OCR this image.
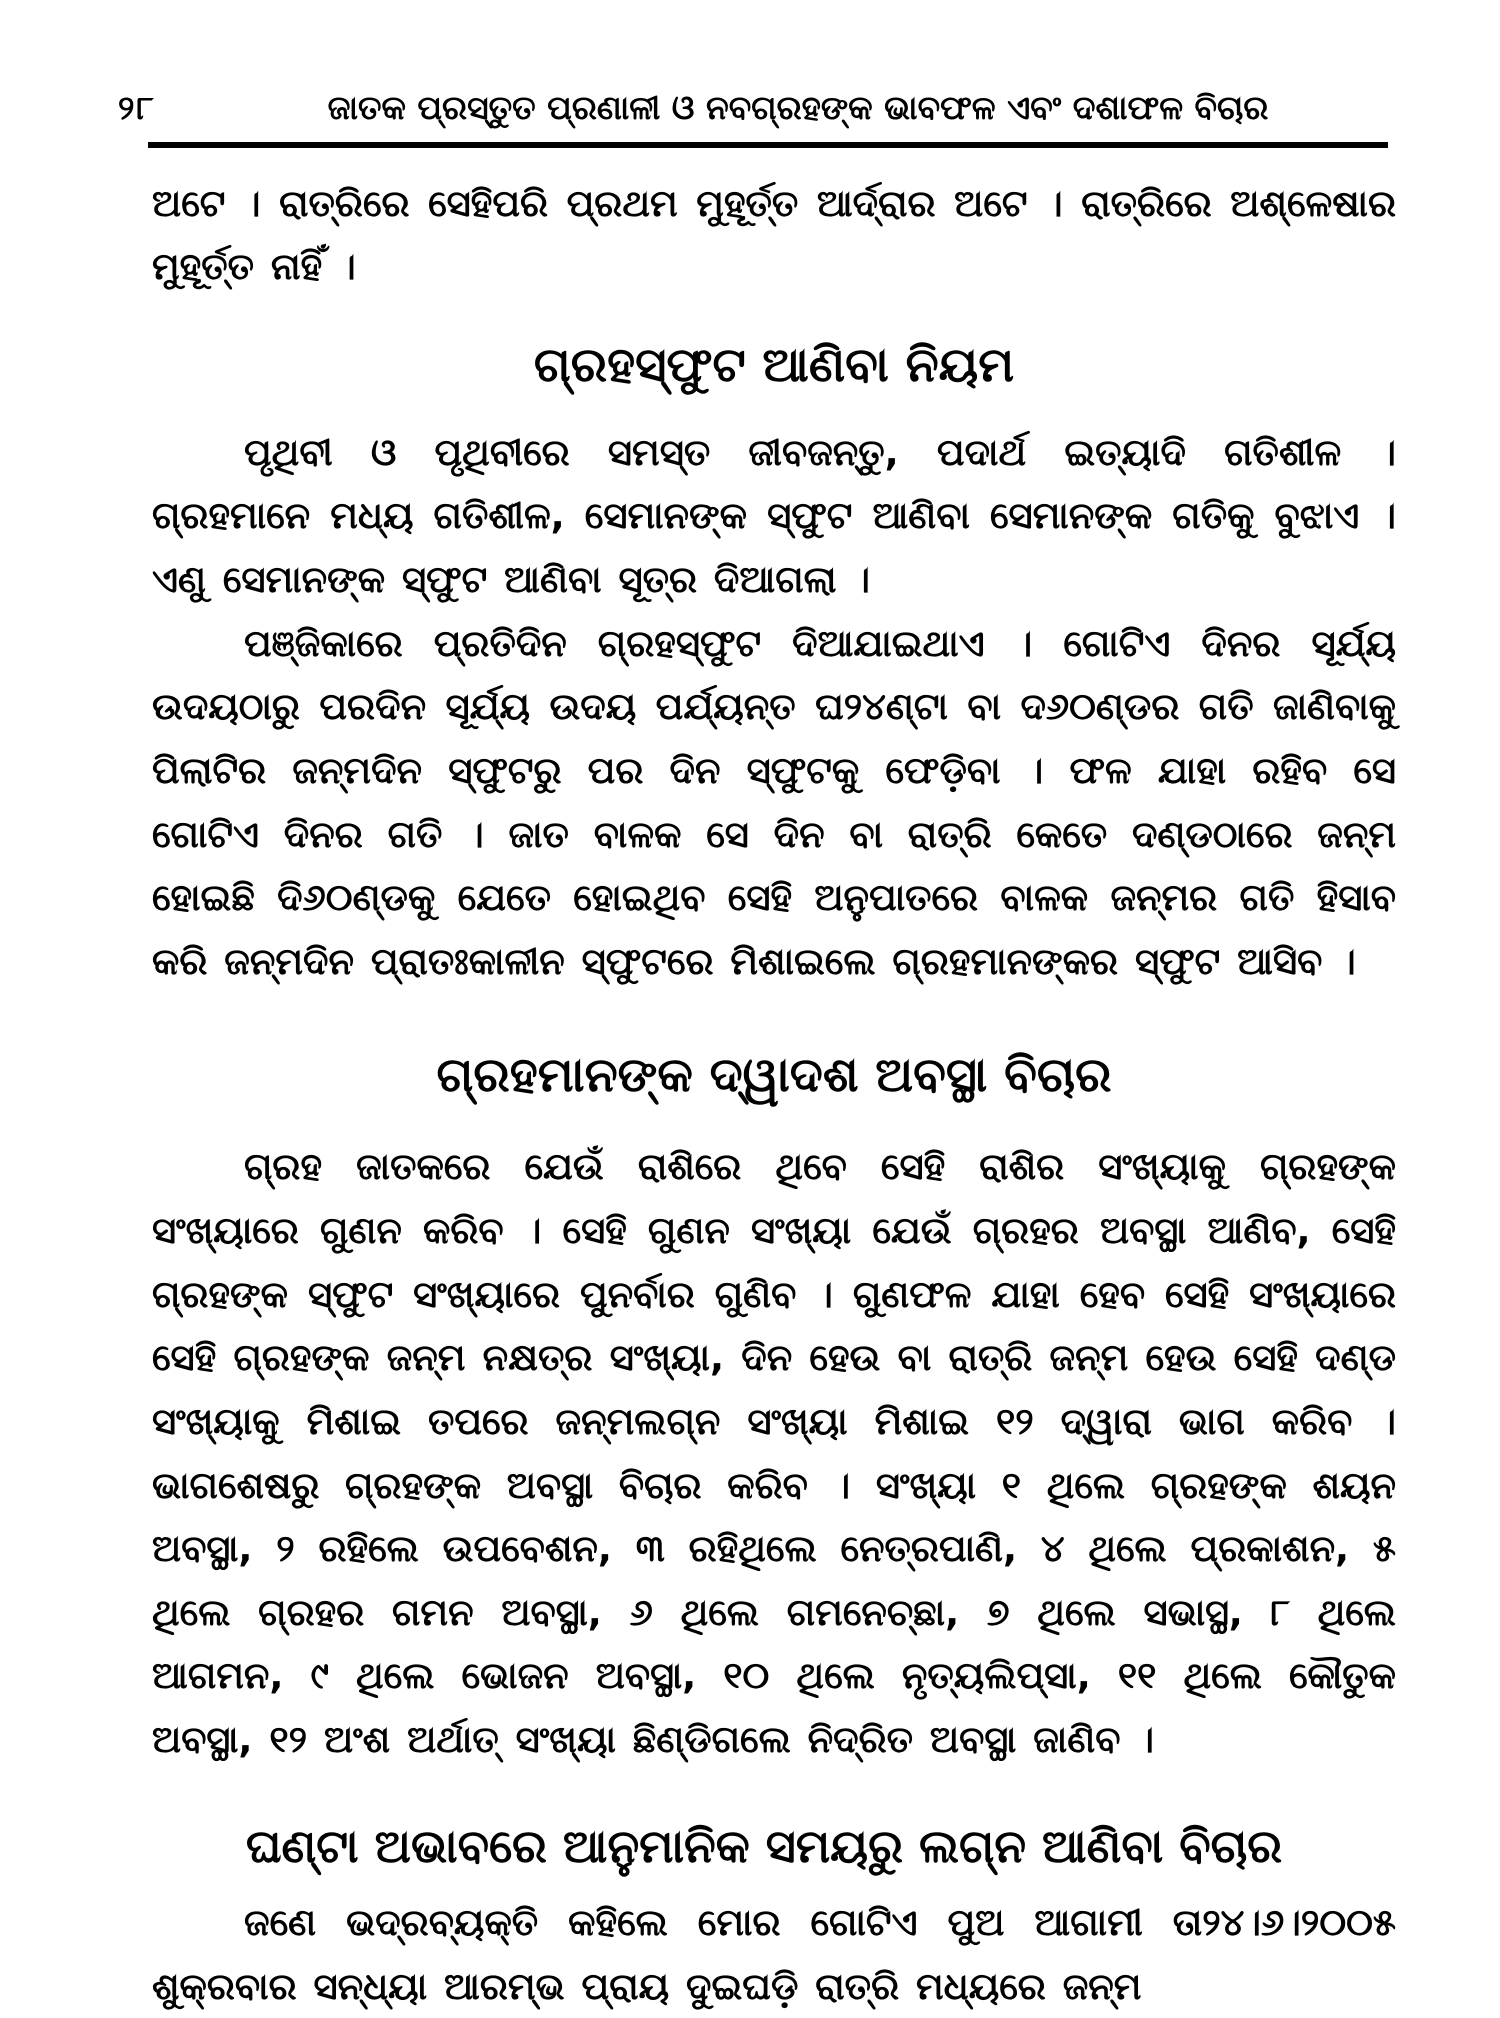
୨୮	ଜାତକ ପ୍ରସ୍ତୁତ ପ୍ରଣାଳୀ ଓ ନବଗ୍ରହଙ୍କ ଭାବଫଳ ଏବଂ ଦଶାଫଳ ବିଚାର

ଅଟେ । ରାତ୍ରିରେ ସେହିପରି ପ୍ରଥମ ମୁହୂର୍ତ୍ତ ଆର୍ଦ୍ରାର ଅଟେ । ରାତ୍ରିରେ ଅଶ୍ଳେଷାର ମୁହୂର୍ତ୍ତ ନାହିଁ ।

ଗ୍ରହସ୍ଫୁଟ ଆଣିବା ନିୟମ

ପୃଥିବୀ ଓ ପୃଥିବୀରେ ସମସ୍ତ ଜୀବଜନ୍ତୁ, ପଦାର୍ଥ ଇତ୍ୟାଦି ଗତିଶୀଳ । ଗ୍ରହମାନେ ମଧ୍ୟ ଗତିଶୀଳ, ସେମାନଙ୍କ ସ୍ଫୁଟ ଆଣିବା ସେମାନଙ୍କ ଗତିକୁ ବୁଝାଏ । ଏଣୁ ସେମାନଙ୍କ ସ୍ଫୁଟ ଆଣିବା ସୂତ୍ର ଦିଆଗଲା ।

ପଞ୍ଜିକାରେ ପ୍ରତିଦିନ ଗ୍ରହସ୍ଫୁଟ ଦିଆଯାଇଥାଏ । ଗୋଟିଏ ଦିନର ସୂର୍ଯ୍ୟ ଉଦୟଠାରୁ ପରଦିନ ସୂର୍ଯ୍ୟ ଉଦୟ ପର୍ଯ୍ୟନ୍ତ ଘ୨୪ଣ୍ଟା ବା ଦ୬୦ଣ୍ଡର ଗତି ଜାଣିବାକୁ ପିଲାଟିର ଜନ୍ମଦିନ ସ୍ଫୁଟରୁ ପର ଦିନ ସ୍ଫୁଟକୁ ଫେଡ଼ିବା । ଫଳ ଯାହା ରହିବ ସେ ଗୋଟିଏ ଦିନର ଗତି । ଜାତ ବାଳକ ସେ ଦିନ ବା ରାତ୍ରି କେତେ ଦଣ୍ଡଠାରେ ଜନ୍ମ ହୋଇଛି ଦି୬୦ଣ୍ଡକୁ ଯେତେ ହୋଇଥିବ ସେହି ଅନୁପାତରେ ବାଳକ ଜନ୍ମର ଗତି ହିସାବ କରି ଜନ୍ମଦିନ ପ୍ରାତଃକାଳୀନ ସ୍ଫୁଟରେ ମିଶାଇଲେ ଗ୍ରହମାନଙ୍କର ସ୍ଫୁଟ ଆସିବ ।

ଗ୍ରହମାନଙ୍କ ଦ୍ୱାଦଶ ଅବସ୍ଥା ବିଚାର

ଗ୍ରହ ଜାତକରେ ଯେଉଁ ରାଶିରେ ଥିବେ ସେହି ରାଶିର ସଂଖ୍ୟାକୁ ଗ୍ରହଙ୍କ ସଂଖ୍ୟାରେ ଗୁଣନ କରିବ । ସେହି ଗୁଣନ ସଂଖ୍ୟା ଯେଉଁ ଗ୍ରହର ଅବସ୍ଥା ଆଣିବ, ସେହି ଗ୍ରହଙ୍କ ସ୍ଫୁଟ ସଂଖ୍ୟାରେ ପୁନର୍ବାର ଗୁଣିବ । ଗୁଣଫଳ ଯାହା ହେବ ସେହି ସଂଖ୍ୟାରେ ସେହି ଗ୍ରହଙ୍କ ଜନ୍ମ ନକ୍ଷତ୍ର ସଂଖ୍ୟା, ଦିନ ହେଉ ବା ରାତ୍ରି ଜନ୍ମ ହେଉ ସେହି ଦଣ୍ଡ ସଂଖ୍ୟାକୁ ମିଶାଇ ତପରେ ଜନ୍ମଲଗ୍ନ ସଂଖ୍ୟା ମିଶାଇ ୧୨ ଦ୍ୱାରା ଭାଗ କରିବ । ଭାଗଶେଷରୁ ଗ୍ରହଙ୍କ ଅବସ୍ଥା ବିଚାର କରିବ । ସଂଖ୍ୟା ୧ ଥିଲେ ଗ୍ରହଙ୍କ ଶୟନ ଅବସ୍ଥା, ୨ ରହିଲେ ଉପବେଶନ, ୩ ରହିଥିଲେ ନେତ୍ରପାଣି, ୪ ଥିଲେ ପ୍ରକାଶନ, ୫ ଥିଲେ ଗ୍ରହର ଗମନ ଅବସ୍ଥା, ୬ ଥିଲେ ଗମନେଚ୍ଛା, ୭ ଥିଲେ ସଭାସ୍ଥ, ୮ ଥିଲେ ଆଗମନ, ୯ ଥିଲେ ଭୋଜନ ଅବସ୍ଥା, ୧୦ ଥିଲେ ନୃତ୍ୟଲିପ୍ସା, ୧୧ ଥିଲେ କୌତୁକ ଅବସ୍ଥା, ୧୨ ଅଂଶ ଅର୍ଥାତ୍ ସଂଖ୍ୟା ଛିଣ୍ଡିଗଲେ ନିଦ୍ରିତ ଅବସ୍ଥା ଜାଣିବ ।

ଘଣ୍ଟା ଅଭାବରେ ଆନୁମାନିକ ସମୟରୁ ଲଗ୍ନ ଆଣିବା ବିଚାର

ଜଣେ ଭଦ୍ରବ୍ୟକ୍ତି କହିଲେ ମୋର ଗୋଟିଏ ପୁଅ ଆଗାମୀ ତା୨୪।୬।୨୦୦୫ ଶୁକ୍ରବାର ସନ୍ଧ୍ୟା ଆରମ୍ଭ ପ୍ରାୟ ଦୁଇଘଡ଼ି ରାତ୍ରି ମଧ୍ୟରେ ଜନ୍ମ
